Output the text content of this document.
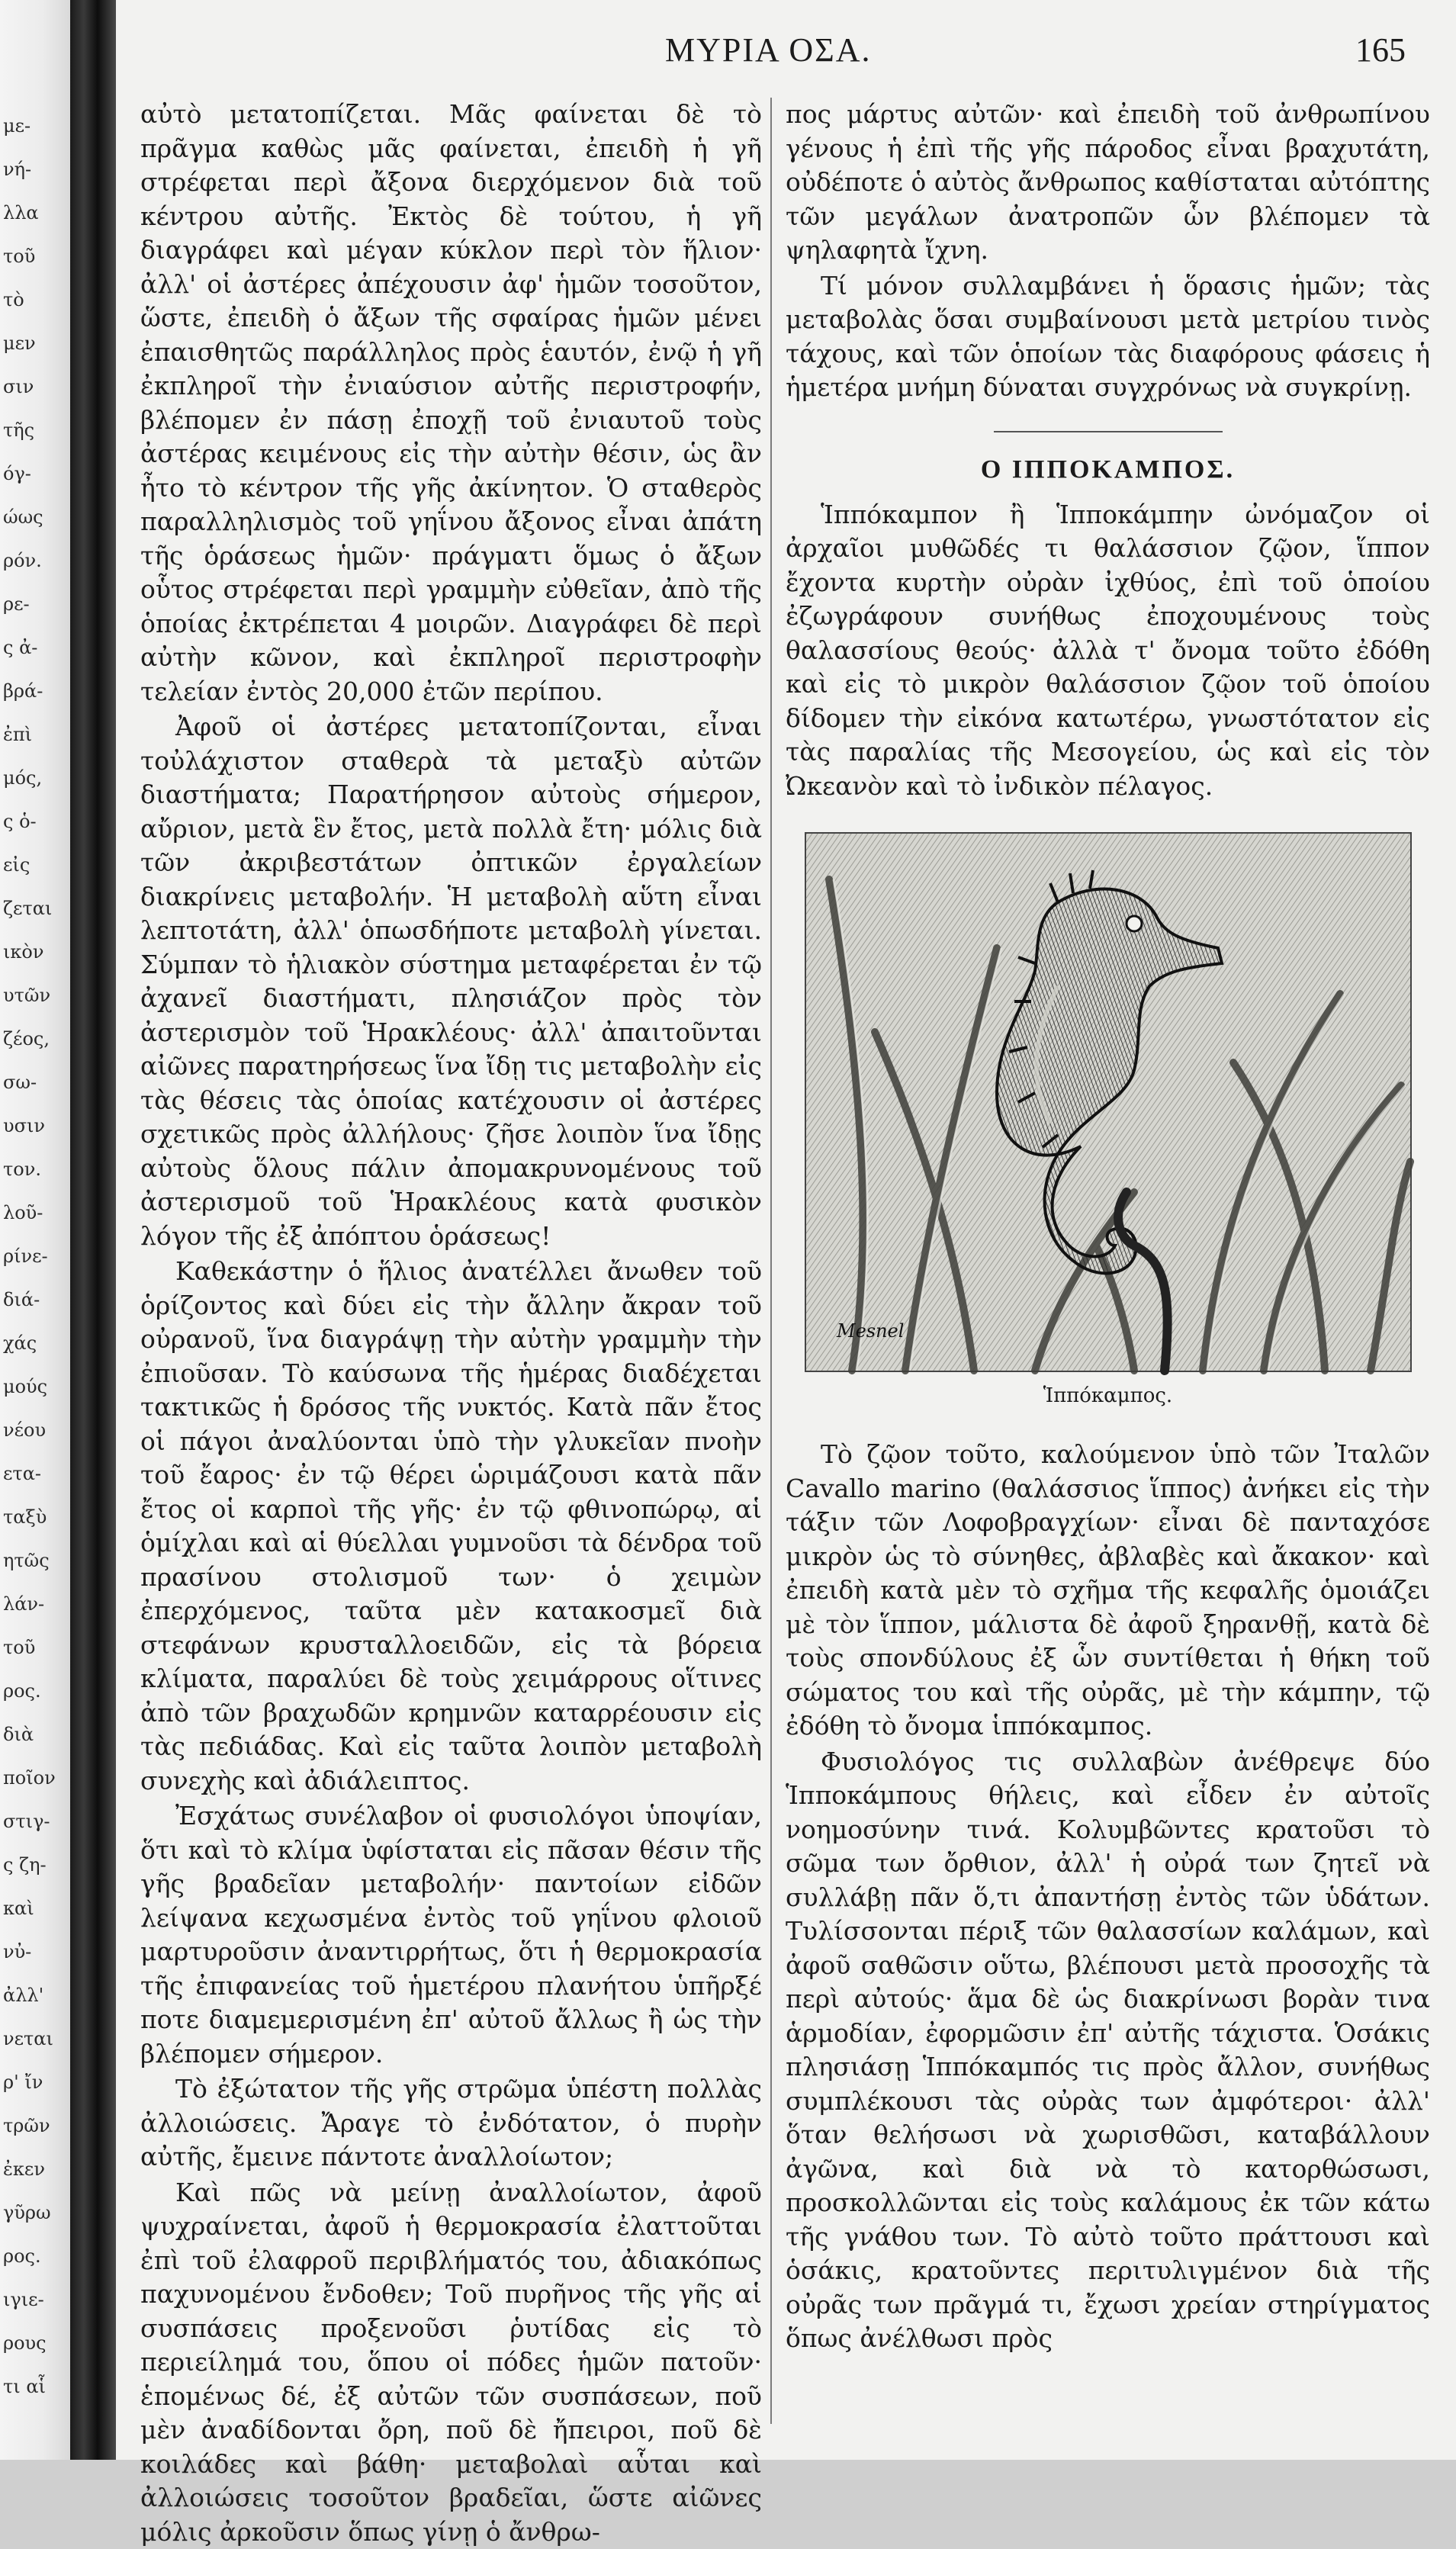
με-
νή-
λλα
τοῦ
τὸ
μεν
σιν
τῆς
όγ-
ώως
ρόν.
ρε-
ς ἀ-
βρά-
ἐπὶ
μός,
ς ὁ-
εἰς
ζεται
ικὸν
υτῶν
ζέος,
σω-
υσιν
τον.
λοῦ-
ρίνε-
διά-
χάς
μούς
νέου
ετα-
ταξὺ
ητῶς
λάν-
τοῦ
ρος.
διὰ
ποῖον
στιγ-
ς ζη-
καὶ
νὐ-
ἀλλ'
νεται
ρ' ἴν
τρῶν
ἐκεν
γῦρω
ρος.
ιγιε-
ρους
τι αἷ
ΜΥΡΙΑ ΟΣΑ.	165

αὐτὸ μετατοπίζεται. Μᾶς φαίνεται δὲ τὸ πρᾶγμα καθὼς μᾶς φαίνεται, ἐπειδὴ ἡ γῆ στρέφεται περὶ ἄξονα διερχόμενον διὰ τοῦ κέντρου αὐτῆς. Ἐκτὸς δὲ τούτου, ἡ γῆ διαγράφει καὶ μέγαν κύκλον περὶ τὸν ἥλιον· ἀλλ' οἱ ἀστέρες ἀπέχουσιν ἀφ' ἡμῶν τοσοῦτον, ὥστε, ἐπειδὴ ὁ ἄξων τῆς σφαίρας ἡμῶν μένει ἐπαισθητῶς παράλληλος πρὸς ἑαυτόν, ἐνῷ ἡ γῆ ἐκπληροῖ τὴν ἐνιαύσιον αὐτῆς περιστροφήν, βλέπομεν ἐν πάσῃ ἐποχῇ τοῦ ἐνιαυτοῦ τοὺς ἀστέρας κειμένους εἰς τὴν αὐτὴν θέσιν, ὡς ἂν ἦτο τὸ κέντρον τῆς γῆς ἀκίνητον. Ὁ σταθερὸς παραλληλισμὸς τοῦ γηΐνου ἄξονος εἶναι ἀπάτη τῆς ὁράσεως ἡμῶν· πράγματι ὅμως ὁ ἄξων οὗτος στρέφεται περὶ γραμμὴν εὐθεῖαν, ἀπὸ τῆς ὁποίας ἐκτρέπεται 4 μοιρῶν. Διαγράφει δὲ περὶ αὐτὴν κῶνον, καὶ ἐκπληροῖ περιστροφὴν τελείαν ἐντὸς 20,000 ἐτῶν περίπου.

Ἀφοῦ οἱ ἀστέρες μετατοπίζονται, εἶναι τοὐλάχιστον σταθερὰ τὰ μεταξὺ αὐτῶν διαστήματα; Παρατήρησον αὐτοὺς σήμερον, αὔριον, μετὰ ἓν ἔτος, μετὰ πολλὰ ἔτη· μόλις διὰ τῶν ἀκριβεστάτων ὀπτικῶν ἐργαλείων διακρίνεις μεταβολήν. Ἡ μεταβολὴ αὕτη εἶναι λεπτοτάτη, ἀλλ' ὁπωσδήποτε μεταβολὴ γίνεται. Σύμπαν τὸ ἡλιακὸν σύστημα μεταφέρεται ἐν τῷ ἀχανεῖ διαστήματι, πλησιάζον πρὸς τὸν ἀστερισμὸν τοῦ Ἡρακλέους· ἀλλ' ἀπαιτοῦνται αἰῶνες παρατηρήσεως ἵνα ἴδῃ τις μεταβολὴν εἰς τὰς θέσεις τὰς ὁποίας κατέχουσιν οἱ ἀστέρες σχετικῶς πρὸς ἀλλήλους· ζῆσε λοιπὸν ἵνα ἴδῃς αὐτοὺς ὅλους πάλιν ἀπομακρυνομένους τοῦ ἀστερισμοῦ τοῦ Ἡρακλέους κατὰ φυσικὸν λόγον τῆς ἐξ ἀπόπτου ὁράσεως!

Καθεκάστην ὁ ἥλιος ἀνατέλλει ἄνωθεν τοῦ ὁρίζοντος καὶ δύει εἰς τὴν ἄλλην ἄκραν τοῦ οὐρανοῦ, ἵνα διαγράψῃ τὴν αὐτὴν γραμμὴν τὴν ἐπιοῦσαν. Τὸ καύσωνα τῆς ἡμέρας διαδέχεται τακτικῶς ἡ δρόσος τῆς νυκτός. Κατὰ πᾶν ἔτος οἱ πάγοι ἀναλύονται ὑπὸ τὴν γλυκεῖαν πνοὴν τοῦ ἔαρος· ἐν τῷ θέρει ὡριμάζουσι κατὰ πᾶν ἔτος οἱ καρποὶ τῆς γῆς· ἐν τῷ φθινοπώρῳ, αἱ ὁμίχλαι καὶ αἱ θύελλαι γυμνοῦσι τὰ δένδρα τοῦ πρασίνου στολισμοῦ των· ὁ χειμὼν ἐπερχόμενος, ταῦτα μὲν κατακοσμεῖ διὰ στεφάνων κρυσταλλοειδῶν, εἰς τὰ βόρεια κλίματα, παραλύει δὲ τοὺς χειμάρρους οἵτινες ἀπὸ τῶν βραχωδῶν κρημνῶν καταρρέουσιν εἰς τὰς πεδιάδας. Καὶ εἰς ταῦτα λοιπὸν μεταβολὴ συνεχὴς καὶ ἀδιάλειπτος.

Ἐσχάτως συνέλαβον οἱ φυσιολόγοι ὑποψίαν, ὅτι καὶ τὸ κλίμα ὑφίσταται εἰς πᾶσαν θέσιν τῆς γῆς βραδεῖαν μεταβολήν· παντοίων εἰδῶν λείψανα κεχωσμένα ἐντὸς τοῦ γηΐνου φλοιοῦ μαρτυροῦσιν ἀναντιρρήτως, ὅτι ἡ θερμοκρασία τῆς ἐπιφανείας τοῦ ἡμετέρου πλανήτου ὑπῆρξέ ποτε διαμεμερισμένη ἐπ' αὐτοῦ ἄλλως ἢ ὡς τὴν βλέπομεν σήμερον.

Τὸ ἐξώτατον τῆς γῆς στρῶμα ὑπέστη πολλὰς ἀλλοιώσεις. Ἄραγε τὸ ἐνδότατον, ὁ πυρὴν αὐτῆς, ἔμεινε πάντοτε ἀναλλοίωτον;

Καὶ πῶς νὰ μείνῃ ἀναλλοίωτον, ἀφοῦ ψυχραίνεται, ἀφοῦ ἡ θερμοκρασία ἐλαττοῦται ἐπὶ τοῦ ἐλαφροῦ περιβλήματός του, ἀδιακόπως παχυνομένου ἔνδοθεν; Τοῦ πυρῆνος τῆς γῆς αἱ συσπάσεις προξενοῦσι ῥυτίδας εἰς τὸ περιείλημά του, ὅπου οἱ πόδες ἡμῶν πατοῦν· ἑπομένως δέ, ἐξ αὐτῶν τῶν συσπάσεων, ποῦ μὲν ἀναδίδονται ὄρη, ποῦ δὲ ἤπειροι, ποῦ δὲ κοιλάδες καὶ βάθη· μεταβολαὶ αὗται καὶ ἀλλοιώσεις τοσοῦτον βραδεῖαι, ὥστε αἰῶνες μόλις ἀρκοῦσιν ὅπως γίνῃ ὁ ἄνθρω-

πος μάρτυς αὐτῶν· καὶ ἐπειδὴ τοῦ ἀνθρωπίνου γένους ἡ ἐπὶ τῆς γῆς πάροδος εἶναι βραχυτάτη, οὐδέποτε ὁ αὐτὸς ἄνθρωπος καθίσταται αὐτόπτης τῶν μεγάλων ἀνατροπῶν ὧν βλέπομεν τὰ ψηλαφητὰ ἴχνη.

Τί μόνον συλλαμβάνει ἡ ὅρασις ἡμῶν; τὰς μεταβολὰς ὅσαι συμβαίνουσι μετὰ μετρίου τινὸς τάχους, καὶ τῶν ὁποίων τὰς διαφόρους φάσεις ἡ ἡμετέρα μνήμη δύναται συγχρόνως νὰ συγκρίνῃ.

Ο ΙΠΠΟΚΑΜΠΟΣ.

Ἱππόκαμπον ἢ Ἱπποκάμπην ὠνόμαζον οἱ ἀρχαῖοι μυθῶδές τι θαλάσσιον ζῷον, ἵππον ἔχοντα κυρτὴν οὐρὰν ἰχθύος, ἐπὶ τοῦ ὁποίου ἐζωγράφουν συνήθως ἐποχουμένους τοὺς θαλασσίους θεούς· ἀλλὰ τ' ὄνομα τοῦτο ἐδόθη καὶ εἰς τὸ μικρὸν θαλάσσιον ζῷον τοῦ ὁποίου δίδομεν τὴν εἰκόνα κατωτέρω, γνωστότατον εἰς τὰς παραλίας τῆς Μεσογείου, ὡς καὶ εἰς τὸν Ὠκεανὸν καὶ τὸ ἰνδικὸν πέλαγος.

Mesnel
Ἱππόκαμπος.

Τὸ ζῷον τοῦτο, καλούμενον ὑπὸ τῶν Ἰταλῶν Cavallo marino (θαλάσσιος ἵππος) ἀνήκει εἰς τὴν τάξιν τῶν Λοφοβραγχίων· εἶναι δὲ πανταχόσε μικρὸν ὡς τὸ σύνηθες, ἀβλαβὲς καὶ ἄκακον· καὶ ἐπειδὴ κατὰ μὲν τὸ σχῆμα τῆς κεφαλῆς ὁμοιάζει μὲ τὸν ἵππον, μάλιστα δὲ ἀφοῦ ξηρανθῇ, κατὰ δὲ τοὺς σπονδύλους ἐξ ὧν συντίθεται ἡ θήκη τοῦ σώματος του καὶ τῆς οὐρᾶς, μὲ τὴν κάμπην, τῷ ἐδόθη τὸ ὄνομα ἱππόκαμπος.

Φυσιολόγος τις συλλαβὼν ἀνέθρεψε δύο Ἱπποκάμπους θήλεις, καὶ εἶδεν ἐν αὐτοῖς νοημοσύνην τινά. Κολυμβῶντες κρατοῦσι τὸ σῶμα των ὄρθιον, ἀλλ' ἡ οὐρά των ζητεῖ νὰ συλλάβῃ πᾶν ὅ,τι ἀπαντήσῃ ἐντὸς τῶν ὑδάτων. Τυλίσσονται πέριξ τῶν θαλασσίων καλάμων, καὶ ἀφοῦ σαθῶσιν οὕτω, βλέπουσι μετὰ προσοχῆς τὰ περὶ αὐτούς· ἅμα δὲ ὡς διακρίνωσι βορὰν τινα ἁρμοδίαν, ἐφορμῶσιν ἐπ' αὐτῆς τάχιστα. Ὁσάκις πλησιάσῃ Ἱππόκαμπός τις πρὸς ἄλλον, συνήθως συμπλέκουσι τὰς οὐρὰς των ἀμφότεροι· ἀλλ' ὅταν θελήσωσι νὰ χωρισθῶσι, καταβάλλουν ἀγῶνα, καὶ διὰ νὰ τὸ κατορθώσωσι, προσκολλῶνται εἰς τοὺς καλάμους ἐκ τῶν κάτω τῆς γνάθου των. Τὸ αὐτὸ τοῦτο πράττουσι καὶ ὁσάκις, κρατοῦντες περιτυλιγμένον διὰ τῆς οὐρᾶς των πρᾶγμά τι, ἔχωσι χρείαν στηρίγματος ὅπως ἀνέλθωσι πρὸς
